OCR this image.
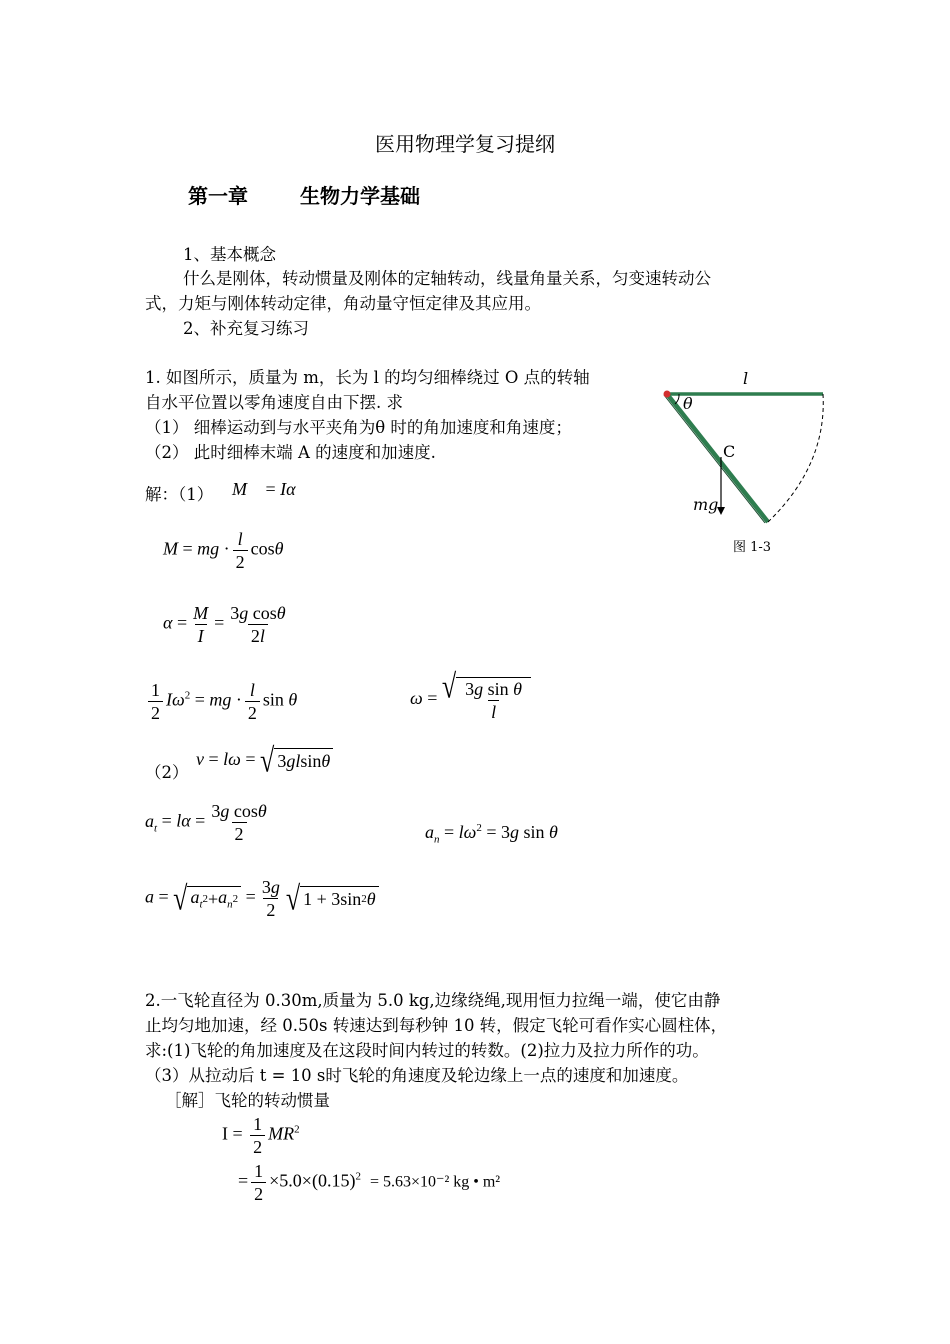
医用物理学复习提纲
第一章	生物力学基础
1、基本概念
什么是刚体，转动惯量及刚体的定轴转动，线量角量关系，匀变速转动公
式，力矩与刚体转动定律，角动量守恒定律及其应用。
2、补充复习练习
1. 如图所示，质量为 m，长为 l 的均匀细棒绕过 O 点的转轴
自水平位置以零角速度自由下摆. 求
（1） 细棒运动到与水平夹角为θ 时的角加速度和角速度；
（2） 此时细棒末端 A 的速度和加速度.
l
θ
C
mg
图 1-3
解：（1） M⃗ = Iα⃗
M = mg · $\frac{l}{2}$ cosθ
$\alpha = \frac{M}{I} = \frac{\text{3g cosθ}}{2l}$
$\frac{1}{2} I\omega^2$ = mg · $\frac{l}{2}$ sin θ	ω = √ $\frac{\text{3g sin θ}}{l}$
（2）
v = lω = √ 3 gl sin θ
$a_t = l\alpha = \frac{\text{3g cosθ}}{2}$	$a_n = l\omega^2 = 3g$ sin θ
a = √ $a_t$ $2 + a_n$ $2 = \frac{3g}{2}$ √ 1 + 3sin 2 θ
2.一飞轮直径为 0.30m,质量为 5.0 kg,边缘绕绳,现用恒力拉绳一端，使它由静
止均匀地加速，经 0.50s 转速达到每秒钟 10 转，假定飞轮可看作实心圆柱体，
求:(1)飞轮的角加速度及在这段时间内转过的转数。(2)拉力及拉力所作的功。
（3）从拉动后 t = 10 s时飞轮的角速度及轮边缘上一点的速度和加速度。
［解］飞轮的转动惯量
$I = \frac{1}{2} MR^2$
= $\frac{1}{2} \times 5.0\times(0.15)^2 = 5.63\times 10^{-2}$ kg • m²
